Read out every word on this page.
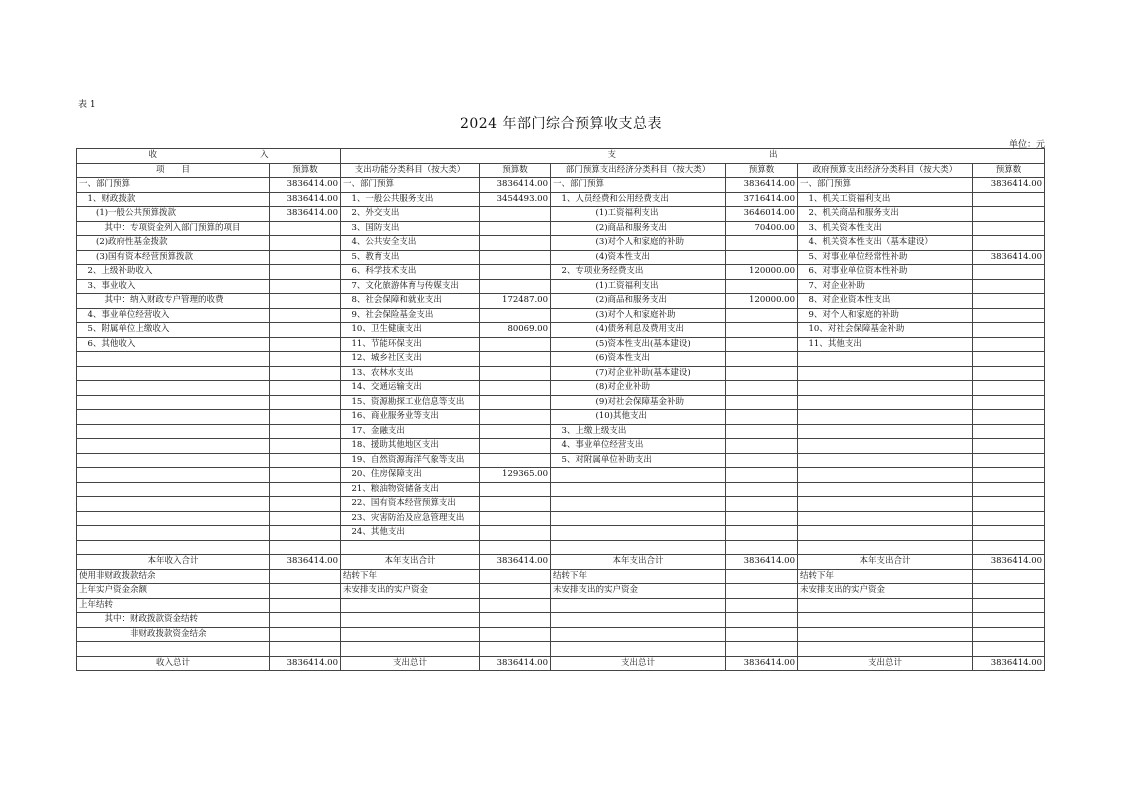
表 1
2024 年部门综合预算收支总表
单位：元
收 入		支 出					

项　　目	预算数	支出功能分类科目（按大类）	预算数	部门预算支出经济分类科目（按大类）	预算数	政府预算支出经济分类科目（按大类）	预算数
一、部门预算	3836414.00	一、部门预算	3836414.00	一、部门预算	3836414.00	一、部门预算	3836414.00
　1、财政拨款	3836414.00	　1、一般公共服务支出	3454493.00	　1、人员经费和公用经费支出	3716414.00	　1、机关工资福利支出	
　　(1)一般公共预算拨款	3836414.00	　2、外交支出		　　　　　(1)工资福利支出	3646014.00	　2、机关商品和服务支出	
　　　其中：专项资金列入部门预算的项目		　3、国防支出		　　　　　(2)商品和服务支出	70400.00	　3、机关资本性支出	
　　(2)政府性基金拨款		　4、公共安全支出		　　　　　(3)对个人和家庭的补助		　4、机关资本性支出（基本建设）	
　　(3)国有资本经营预算拨款		　5、教育支出		　　　　　(4)资本性支出		　5、对事业单位经常性补助	3836414.00
　2、上级补助收入		　6、科学技术支出		　2、专项业务经费支出	120000.00	　6、对事业单位资本性补助	
　3、事业收入		　7、文化旅游体育与传媒支出		　　　　　(1)工资福利支出		　7、对企业补助	
　　　其中：纳入财政专户管理的收费		　8、社会保障和就业支出	172487.00	　　　　　(2)商品和服务支出	120000.00	　8、对企业资本性支出	
　4、事业单位经营收入		　9、社会保险基金支出		　　　　　(3)对个人和家庭补助		　9、对个人和家庭的补助	
　5、附属单位上缴收入		　10、卫生健康支出	80069.00	　　　　　(4)债务利息及费用支出		　10、对社会保障基金补助	
　6、其他收入		　11、节能环保支出		　　　　　(5)资本性支出(基本建设)		　11、其他支出	
		　12、城乡社区支出		　　　　　(6)资本性支出			
		　13、农林水支出		　　　　　(7)对企业补助(基本建设)			
		　14、交通运输支出		　　　　　(8)对企业补助			
		　15、资源勘探工业信息等支出		　　　　　(9)对社会保障基金补助			
		　16、商业服务业等支出		　　　　　(10)其他支出			
		　17、金融支出		　3、上缴上级支出			
		　18、援助其他地区支出		　4、事业单位经营支出			
		　19、自然资源海洋气象等支出		　5、对附属单位补助支出			
		　20、住房保障支出	129365.00				
		　21、粮油物资储备支出					
		　22、国有资本经营预算支出					
		　23、灾害防治及应急管理支出					
		　24、其他支出					

本年收入合计	3836414.00	本年支出合计	3836414.00	本年支出合计	3836414.00	本年支出合计	3836414.00
使用非财政拨款结余		结转下年		结转下年		结转下年	
上年实户资金余额		未安排支出的实户资金		未安排支出的实户资金		未安排支出的实户资金	
上年结转							
　　　其中：财政拨款资金结转							
　　　　　　非财政拨款资金结余							

收入总计	3836414.00	支出总计	3836414.00	支出总计	3836414.00	支出总计	3836414.00
